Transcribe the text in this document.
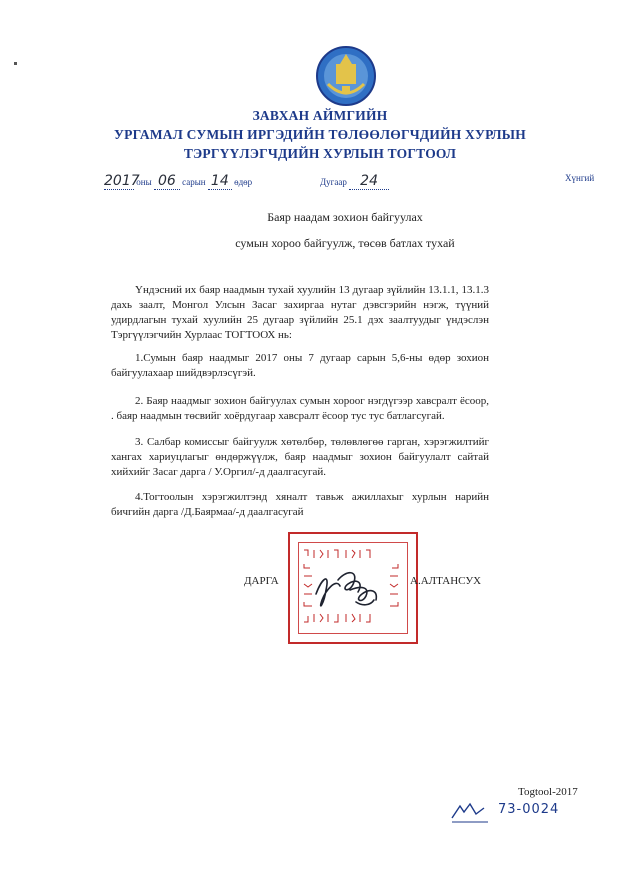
ЗАВХАН АЙМГИЙН
УРГАМАЛ СУМЫН ИРГЭДИЙН ТӨЛӨӨЛӨГЧДИЙН ХУРЛЫН
ТЭРГҮҮЛЭГЧДИЙН ХУРЛЫН ТОГТООЛ
2017 оны 06 сарын 14 өдөр	Дугаар 24	Хүнгий
Баяр наадам зохион байгуулах
сумын хороо байгуулж, төсөв батлах тухай

Үндэсний их баяр наадмын тухай хуулийн 13 дугаар зүйлийн 13.1.1, 13.1.3 дахь заалт, Монгол Улсын Засаг захиргаа нутаг дэвсгэрийн нэгж, түүний удирдлагын тухай хуулийн 25 дугаар зүйлийн 25.1 дэх заалтуудыг үндэслэн Тэргүүлэгчийн Хурлаас ТОГТООХ нь:

1.Сумын баяр наадмыг 2017 оны 7 дугаар сарын 5,6-ны өдөр зохион байгуулахаар шийдвэрлэсүгэй.

2. Баяр наадмыг зохион байгуулах сумын хороог нэгдүгээр хавсралт ёсоор, . баяр наадмын төсвийг хоёрдугаар хавсралт ёсоор тус тус батлагсугай.

3. Салбар комиссыг байгуулж хөтөлбөр, төлөвлөгөө гарган, хэрэгжилтийг хангах хариуцлагыг өндөржүүлж, баяр наадмыг зохион байгуулалт сайтай хийхийг Засаг дарга / У.Оргил/-д даалгасугай.

4.Тогтоолын хэрэгжилтэнд хяналт тавьж ажиллахыг хурлын нарийн бичгийн дарга /Д.Баярмаа/-д даалгасугай

ДАРГА	А.АЛТАНСУХ
Togtool-2017
73-0024
